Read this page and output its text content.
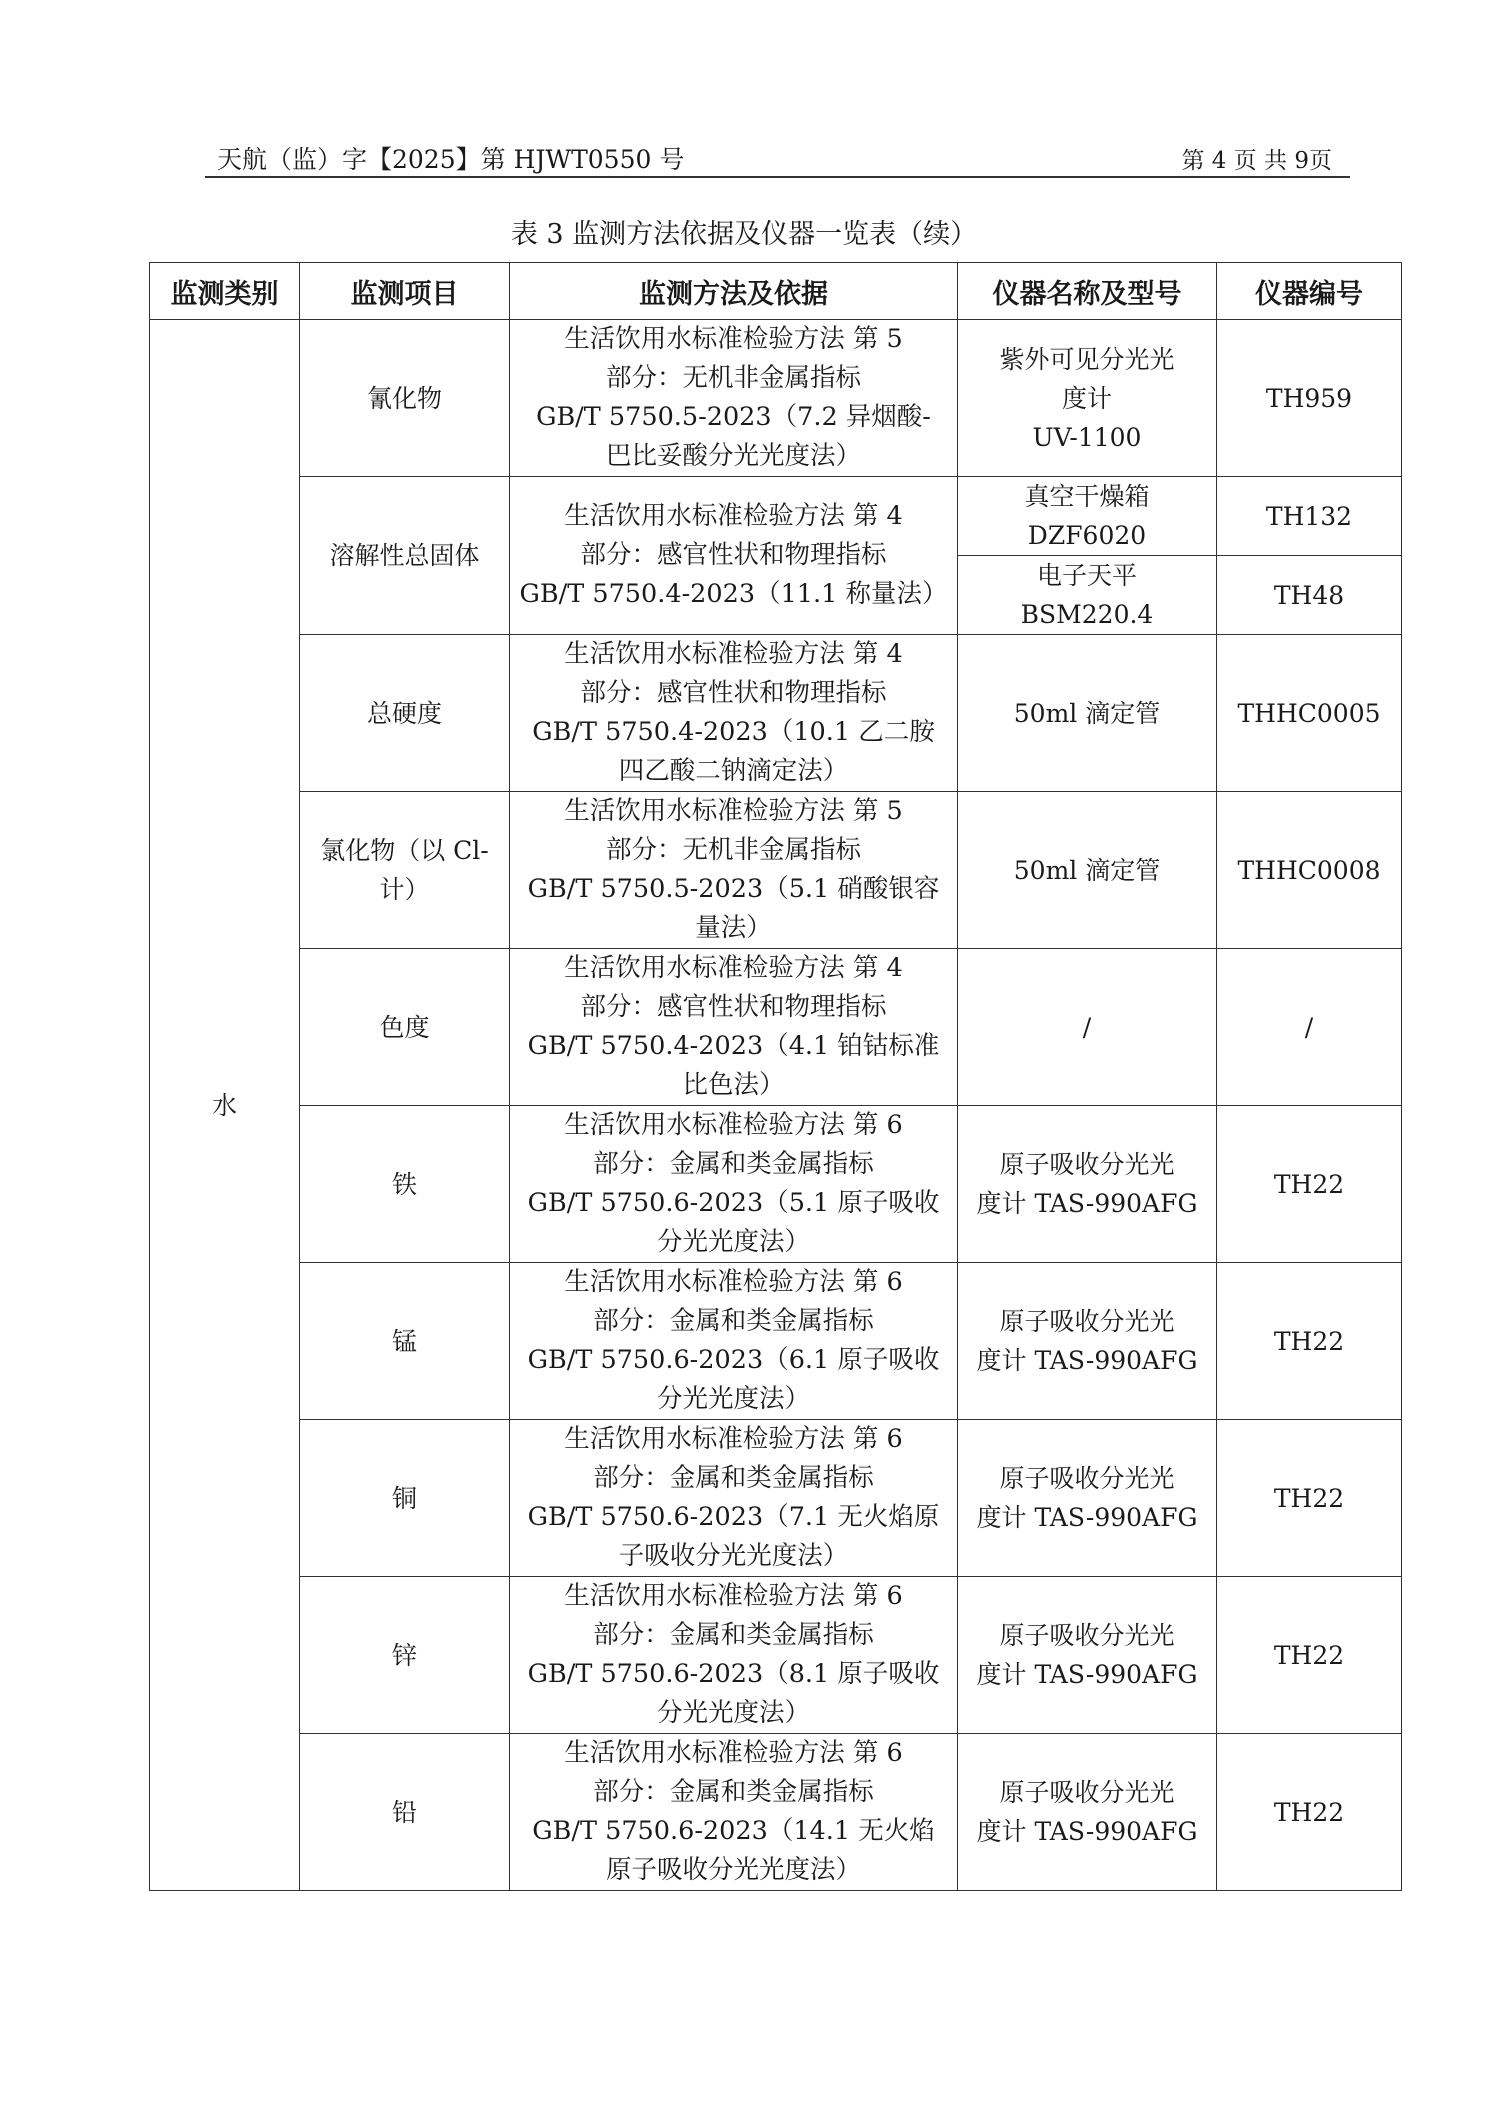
天航（监）字【2025】第 HJWT0550 号	第 4 页 共 9页
表 3 监测方法依据及仪器一览表（续）
监测类别	监测项目	监测方法及依据	仪器名称及型号	仪器编号
水	氰化物	生活饮用水标准检验方法 第 5
部分：无机非金属指标
GB/T 5750.5-2023（7.2 异烟酸-
巴比妥酸分光光度法）	紫外可见分光光
度计
UV-1100	TH959
	溶解性总固体	生活饮用水标准检验方法 第 4
部分：感官性状和物理指标
GB/T 5750.4-2023（11.1 称量法）	真空干燥箱
DZF6020	TH132
			电子天平
BSM220.4	TH48
	总硬度	生活饮用水标准检验方法 第 4
部分：感官性状和物理指标
GB/T 5750.4-2023（10.1 乙二胺
四乙酸二钠滴定法）	50ml 滴定管	THHC0005
	氯化物（以 Cl-
计）	生活饮用水标准检验方法 第 5
部分：无机非金属指标
GB/T 5750.5-2023（5.1 硝酸银容
量法）	50ml 滴定管	THHC0008
	色度	生活饮用水标准检验方法 第 4
部分：感官性状和物理指标
GB/T 5750.4-2023（4.1 铂钴标准
比色法）	/	/
	铁	生活饮用水标准检验方法 第 6
部分：金属和类金属指标
GB/T 5750.6-2023（5.1 原子吸收
分光光度法）	原子吸收分光光
度计 TAS-990AFG	TH22
	锰	生活饮用水标准检验方法 第 6
部分：金属和类金属指标
GB/T 5750.6-2023（6.1 原子吸收
分光光度法）	原子吸收分光光
度计 TAS-990AFG	TH22
	铜	生活饮用水标准检验方法 第 6
部分：金属和类金属指标
GB/T 5750.6-2023（7.1 无火焰原
子吸收分光光度法）	原子吸收分光光
度计 TAS-990AFG	TH22
	锌	生活饮用水标准检验方法 第 6
部分：金属和类金属指标
GB/T 5750.6-2023（8.1 原子吸收
分光光度法）	原子吸收分光光
度计 TAS-990AFG	TH22
	铅	生活饮用水标准检验方法 第 6
部分：金属和类金属指标
GB/T 5750.6-2023（14.1 无火焰
原子吸收分光光度法）	原子吸收分光光
度计 TAS-990AFG	TH22
